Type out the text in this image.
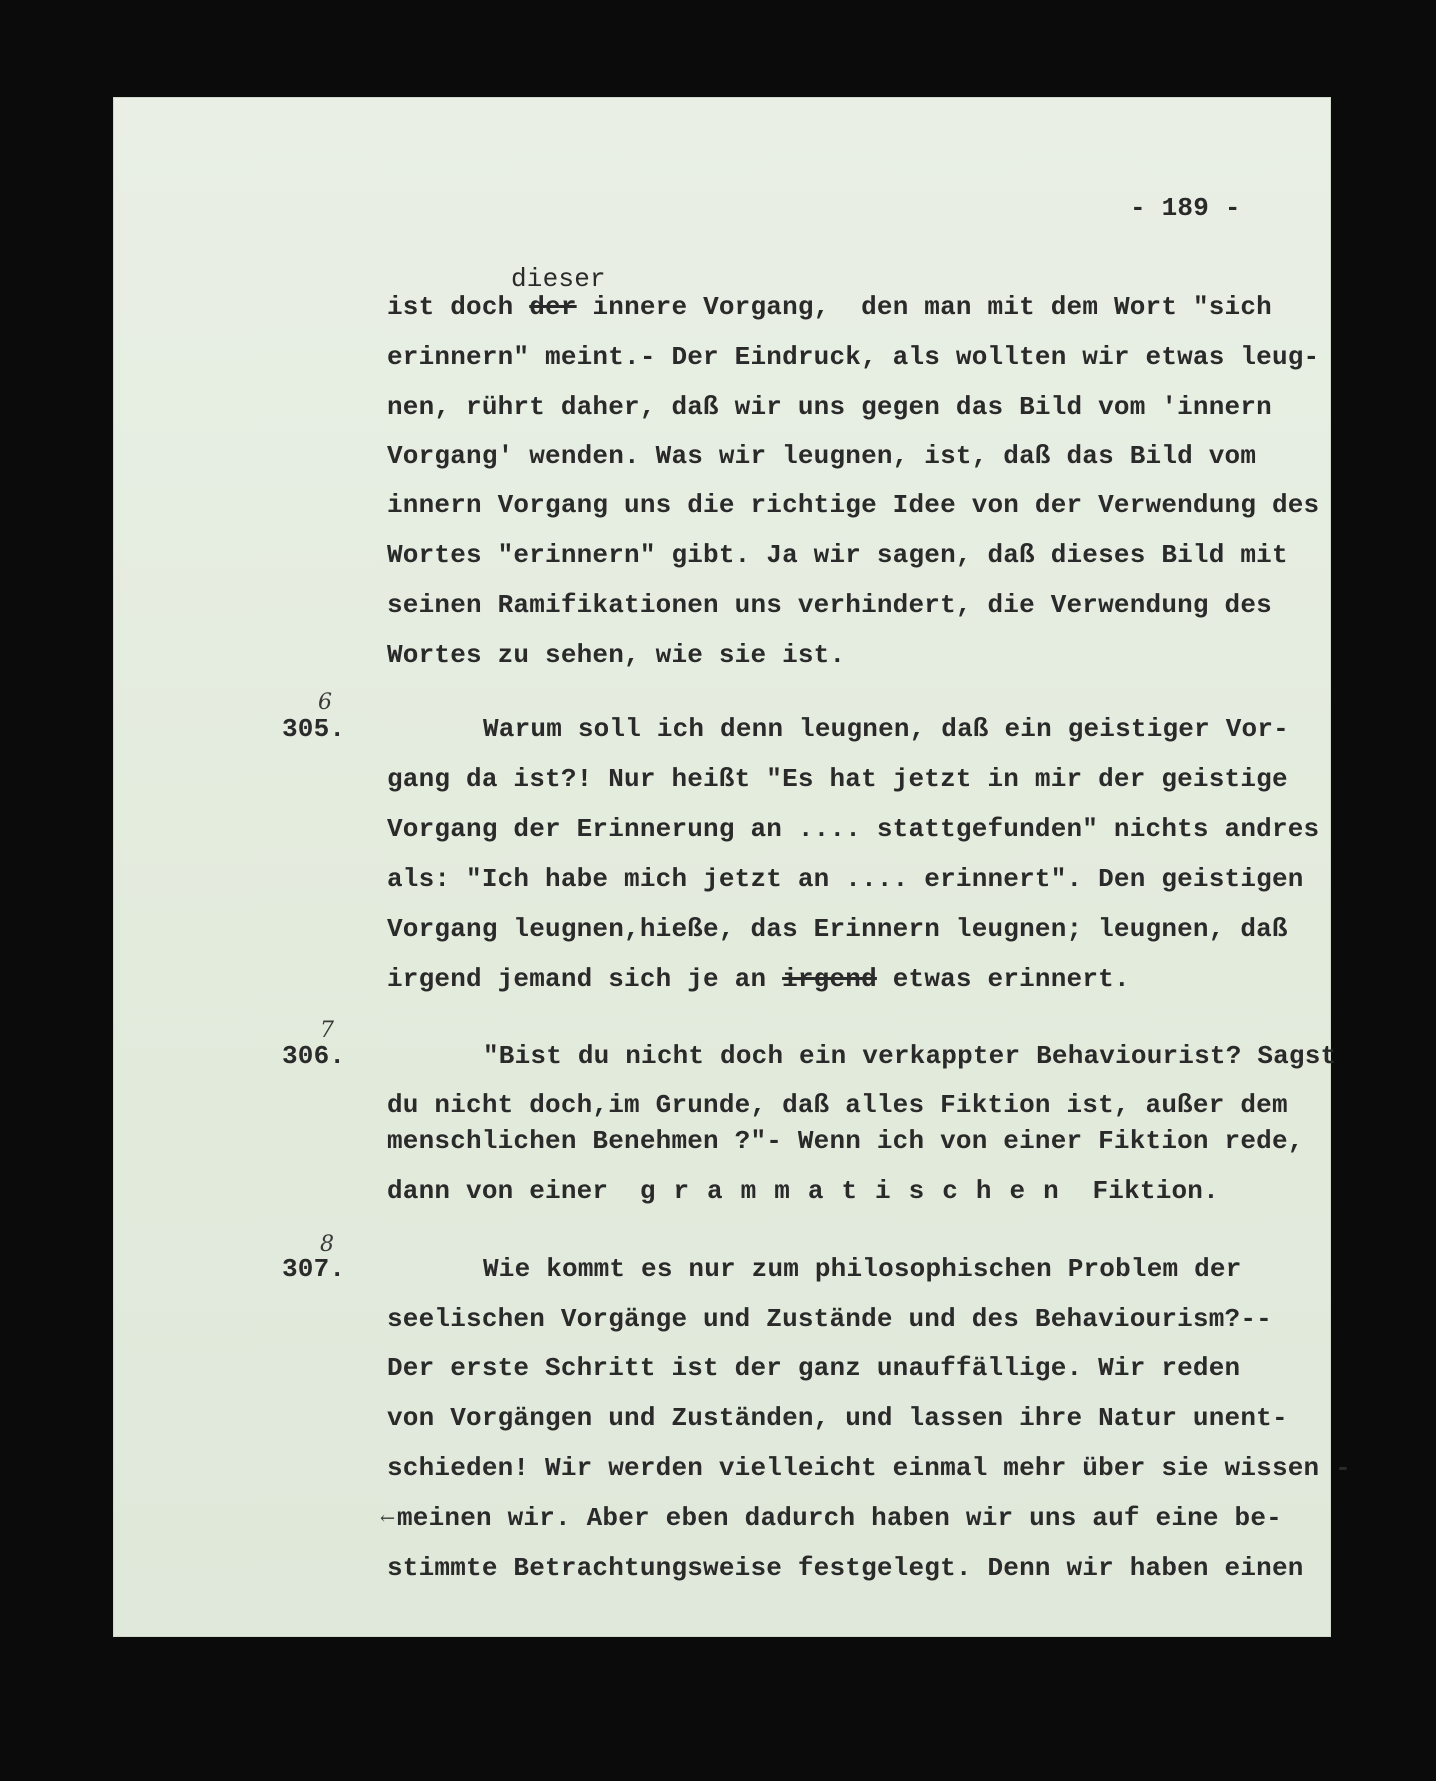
- 189 -
dieser
ist doch der innere Vorgang,  den man mit dem Wort "sich
erinnern" meint.- Der Eindruck, als wollten wir etwas leug-
nen, rührt daher, daß wir uns gegen das Bild vom 'innern
Vorgang' wenden. Was wir leugnen, ist, daß das Bild vom
innern Vorgang uns die richtige Idee von der Verwendung des
Wortes "erinnern" gibt. Ja wir sagen, daß dieses Bild mit
seinen Ramifikationen uns verhindert, die Verwendung des
Wortes zu sehen, wie sie ist.
6
305.	Warum soll ich denn leugnen, daß ein geistiger Vor-
gang da ist?! Nur heißt "Es hat jetzt in mir der geistige
Vorgang der Erinnerung an .... stattgefunden" nichts andres
als: "Ich habe mich jetzt an .... erinnert". Den geistigen
Vorgang leugnen,hieße, das Erinnern leugnen; leugnen, daß
irgend jemand sich je an irgend etwas erinnert.
7
306.	"Bist du nicht doch ein verkappter Behaviourist? Sagst
du nicht doch,im Grunde, daß alles Fiktion ist, außer dem
menschlichen Benehmen ?"- Wenn ich von einer Fiktion rede,
dann von einer  grammatischen Fiktion.
8
307.	Wie kommt es nur zum philosophischen Problem der
seelischen Vorgänge und Zustände und des Behaviourism?--
Der erste Schritt ist der ganz unauffällige. Wir reden
von Vorgängen und Zuständen, und lassen ihre Natur unent-
schieden! Wir werden vielleicht einmal mehr über sie wissen -
← meinen wir. Aber eben dadurch haben wir uns auf eine be-
stimmte Betrachtungsweise festgelegt. Denn wir haben einen
